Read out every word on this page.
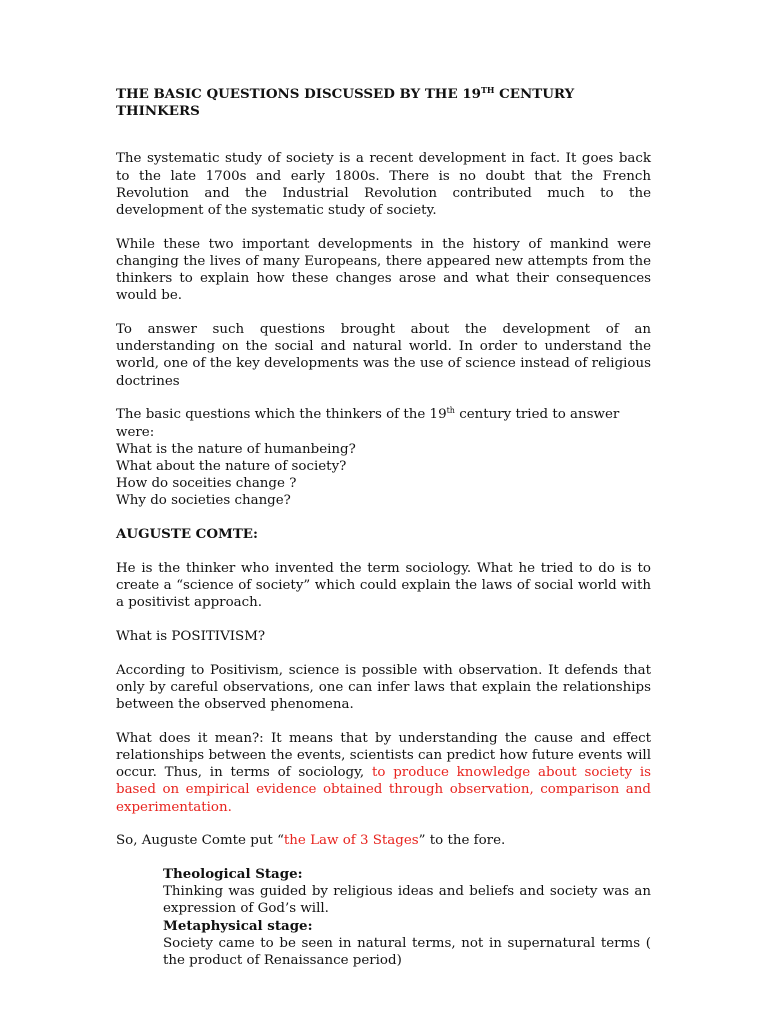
THE BASIC QUESTIONS DISCUSSED BY THE 19TH CENTURY THINKERS

The systematic study of society is a recent development in fact. It goes back to the late 1700s and early 1800s. There is no doubt that the French Revolution and the Industrial Revolution contributed much to the development of the systematic study of society.

While these two important developments in the history of mankind were changing the lives of many Europeans, there appeared new attempts from the thinkers to explain how these changes arose and what their consequences would be.

To answer such questions brought about the development of an understanding on the social and natural world. In order to understand the world, one of the key developments was the use of science instead of religious doctrines

The basic questions which the thinkers of the 19th century tried to answer were:
What is the nature of humanbeing?
What about the nature of society?
How do soceities change ?
Why do societies change?

AUGUSTE COMTE:

He is the thinker who invented the term sociology. What he tried to do is to create a “science of society” which could explain the laws of social world with a positivist approach.

What is POSITIVISM?

According to Positivism, science is possible with observation. It defends that only by careful observations, one can infer laws that explain the relationships between the observed phenomena.

What does it mean?: It means that by understanding the cause and effect relationships between the events, scientists can predict how future events will occur. Thus, in terms of sociology, to produce knowledge about society is based on empirical evidence obtained through observation, comparison and experimentation.

So, Auguste Comte put “the Law of 3 Stages” to the fore.

Theological Stage:

Thinking was guided by religious ideas and beliefs and society was an expression of God’s will.

Metaphysical stage:

Society came to be seen in natural terms, not in supernatural terms ( the product of Renaissance period)
